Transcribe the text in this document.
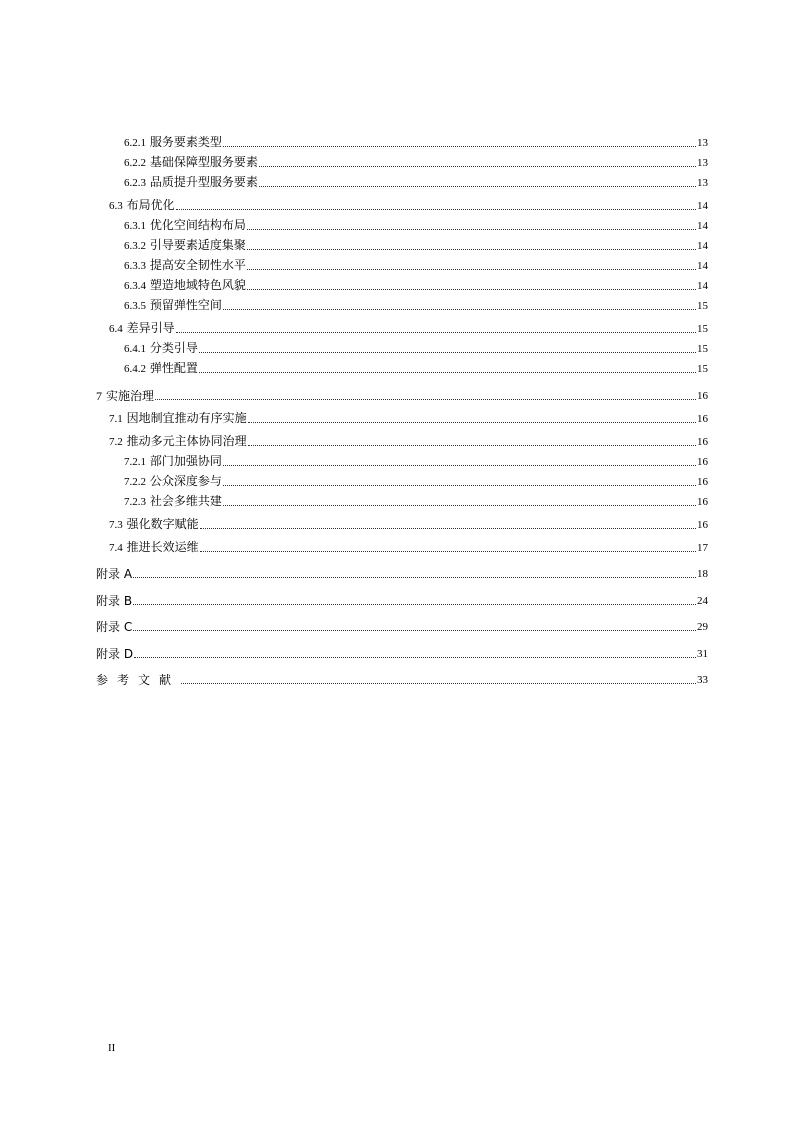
6.2.1 服务要素类型	13
6.2.2 基础保障型服务要素	13
6.2.3 品质提升型服务要素	13
6.3 布局优化	14
6.3.1 优化空间结构布局	14
6.3.2 引导要素适度集聚	14
6.3.3 提高安全韧性水平	14
6.3.4 塑造地域特色风貌	14
6.3.5 预留弹性空间	15
6.4 差异引导	15
6.4.1 分类引导	15
6.4.2 弹性配置	15
7 实施治理	16
7.1 因地制宜推动有序实施	16
7.2 推动多元主体协同治理	16
7.2.1 部门加强协同	16
7.2.2 公众深度参与	16
7.2.3 社会多维共建	16
7.3 强化数字赋能	16
7.4 推进长效运维	17
附录 A	18
附录 B	24
附录 C	29
附录 D	31
参考文献	33
II
